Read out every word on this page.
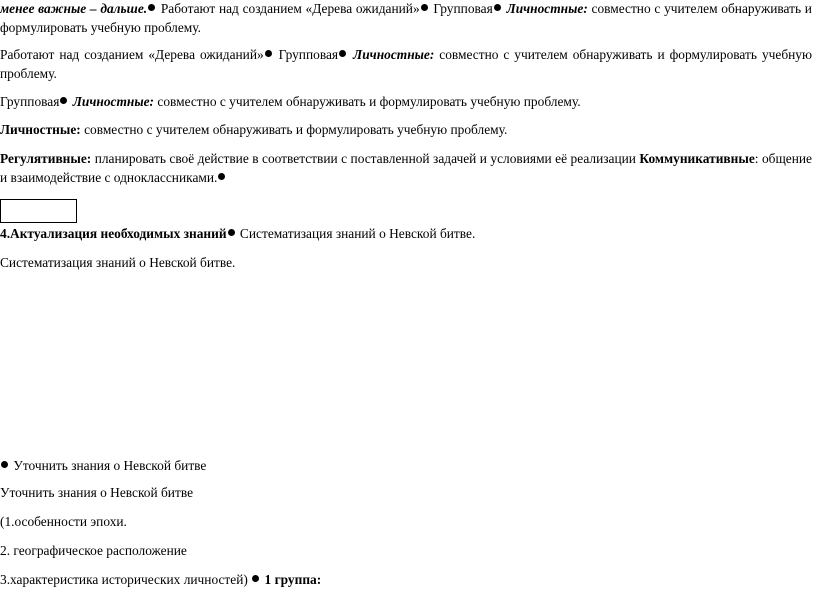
менее важные – дальше. Работают над созданием «Дерева ожиданий» Групповая Личностные: совместно с учителем обнаруживать и формулировать учебную проблему.

Работают над созданием «Дерева ожиданий» Групповая Личностные: совместно с учителем обнаруживать и формулировать учебную проблему.

Групповая Личностные: совместно с учителем обнаруживать и формулировать учебную проблему.

Личностные: совместно с учителем обнаруживать и формулировать учебную проблему.

Регулятивные: планировать своё действие в соответствии с поставленной задачей и условиями её реализации Коммуникативные: общение и взаимодействие с одноклассниками.

4.Актуализация необходимых знаний Систематизация знаний о Невской битве.

Систематизация знаний о Невской битве.

Уточнить знания о Невской битве

Уточнить знания о Невской битве

(1.особенности эпохи.

2. географическое расположение

3.характеристика исторических личностей)  1 группа:
